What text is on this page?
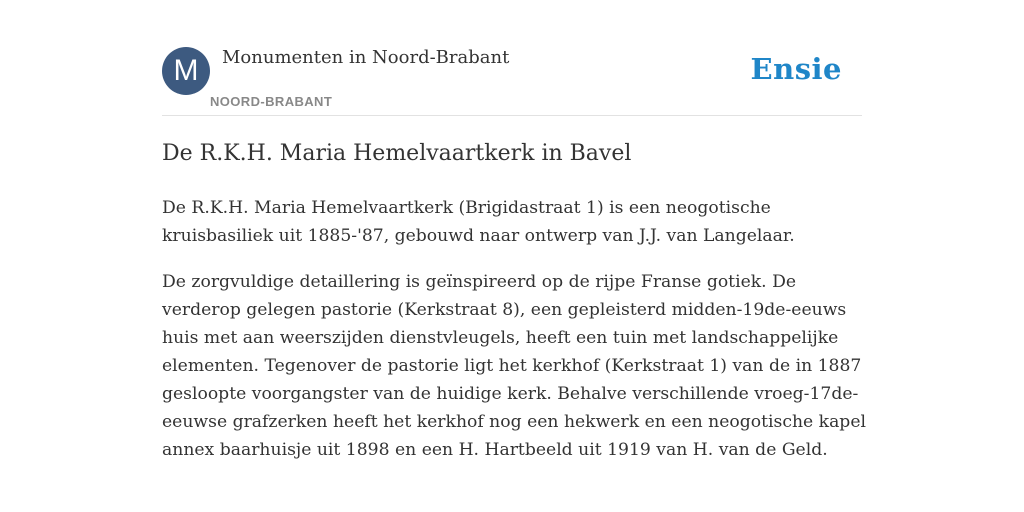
M Monumenten in Noord-Brabant
NOORD-BRABANT
Ensie
De R.K.H. Maria Hemelvaartkerk in Bavel

De R.K.H. Maria Hemelvaartkerk (Brigidastraat 1) is een neogotische kruisbasiliek uit 1885-'87, gebouwd naar ontwerp van J.J. van Langelaar.

De zorgvuldige detaillering is geïnspireerd op de rijpe Franse gotiek. De verderop gelegen pastorie (Kerkstraat 8), een gepleisterd midden-19de-eeuws huis met aan weerszijden dienstvleugels, heeft een tuin met landschappelijke elementen. Tegenover de pastorie ligt het kerkhof (Kerkstraat 1) van de in 1887 gesloopte voorgangster van de huidige kerk. Behalve verschillende vroeg-17de-eeuwse grafzerken heeft het kerkhof nog een hekwerk en een neogotische kapel annex baarhuisje uit 1898 en een H. Hartbeeld uit 1919 van H. van de Geld.
